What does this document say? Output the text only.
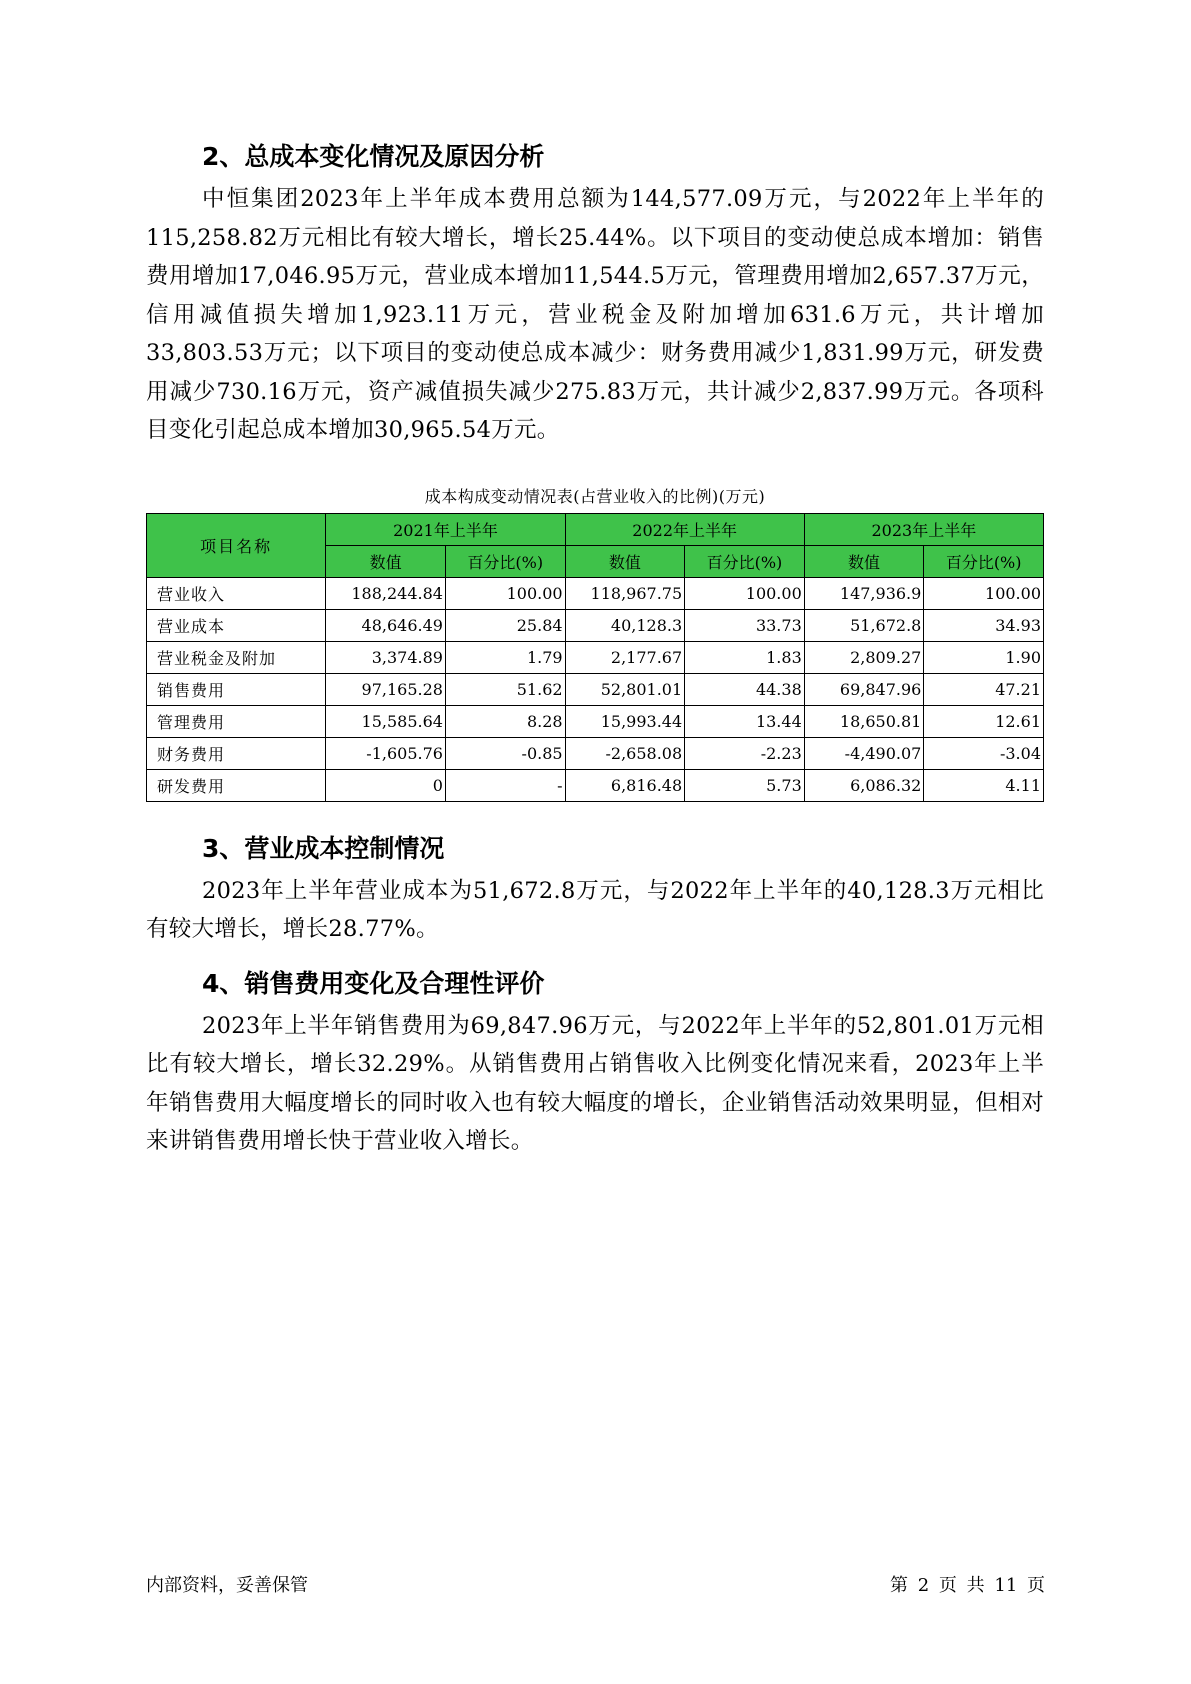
2、总成本变化情况及原因分析

中恒集团2023年上半年成本费用总额为144,577.09万元，与2022年上半年的115,258.82万元相比有较大增长，增长25.44%。以下项目的变动使总成本增加：销售费用增加17,046.95万元，营业成本增加11,544.5万元，管理费用增加2,657.37万元，信用减值损失增加1,923.11万元，营业税金及附加增加631.6万元，共计增加33,803.53万元；以下项目的变动使总成本减少：财务费用减少1,831.99万元，研发费用减少730.16万元，资产减值损失减少275.83万元，共计减少2,837.99万元。各项科目变化引起总成本增加30,965.54万元。

成本构成变动情况表(占营业收入的比例)(万元)
项目名称	2021年上半年		2022年上半年		2023年上半年	
	数值	百分比(%)	数值	百分比(%)	数值	百分比(%)
营业收入	188,244.84	100.00	118,967.75	100.00	147,936.9	100.00
营业成本	48,646.49	25.84	40,128.3	33.73	51,672.8	34.93
营业税金及附加	3,374.89	1.79	2,177.67	1.83	2,809.27	1.90
销售费用	97,165.28	51.62	52,801.01	44.38	69,847.96	47.21
管理费用	15,585.64	8.28	15,993.44	13.44	18,650.81	12.61
财务费用	-1,605.76	-0.85	-2,658.08	-2.23	-4,490.07	-3.04
研发费用	0	-	6,816.48	5.73	6,086.32	4.11
3、营业成本控制情况

2023年上半年营业成本为51,672.8万元，与2022年上半年的40,128.3万元相比有较大增长，增长28.77%。

4、销售费用变化及合理性评价

2023年上半年销售费用为69,847.96万元，与2022年上半年的52,801.01万元相比有较大增长，增长32.29%。从销售费用占销售收入比例变化情况来看，2023年上半年销售费用大幅度增长的同时收入也有较大幅度的增长，企业销售活动效果明显，但相对来讲销售费用增长快于营业收入增长。

内部资料，妥善保管	第 2 页 共 11 页
